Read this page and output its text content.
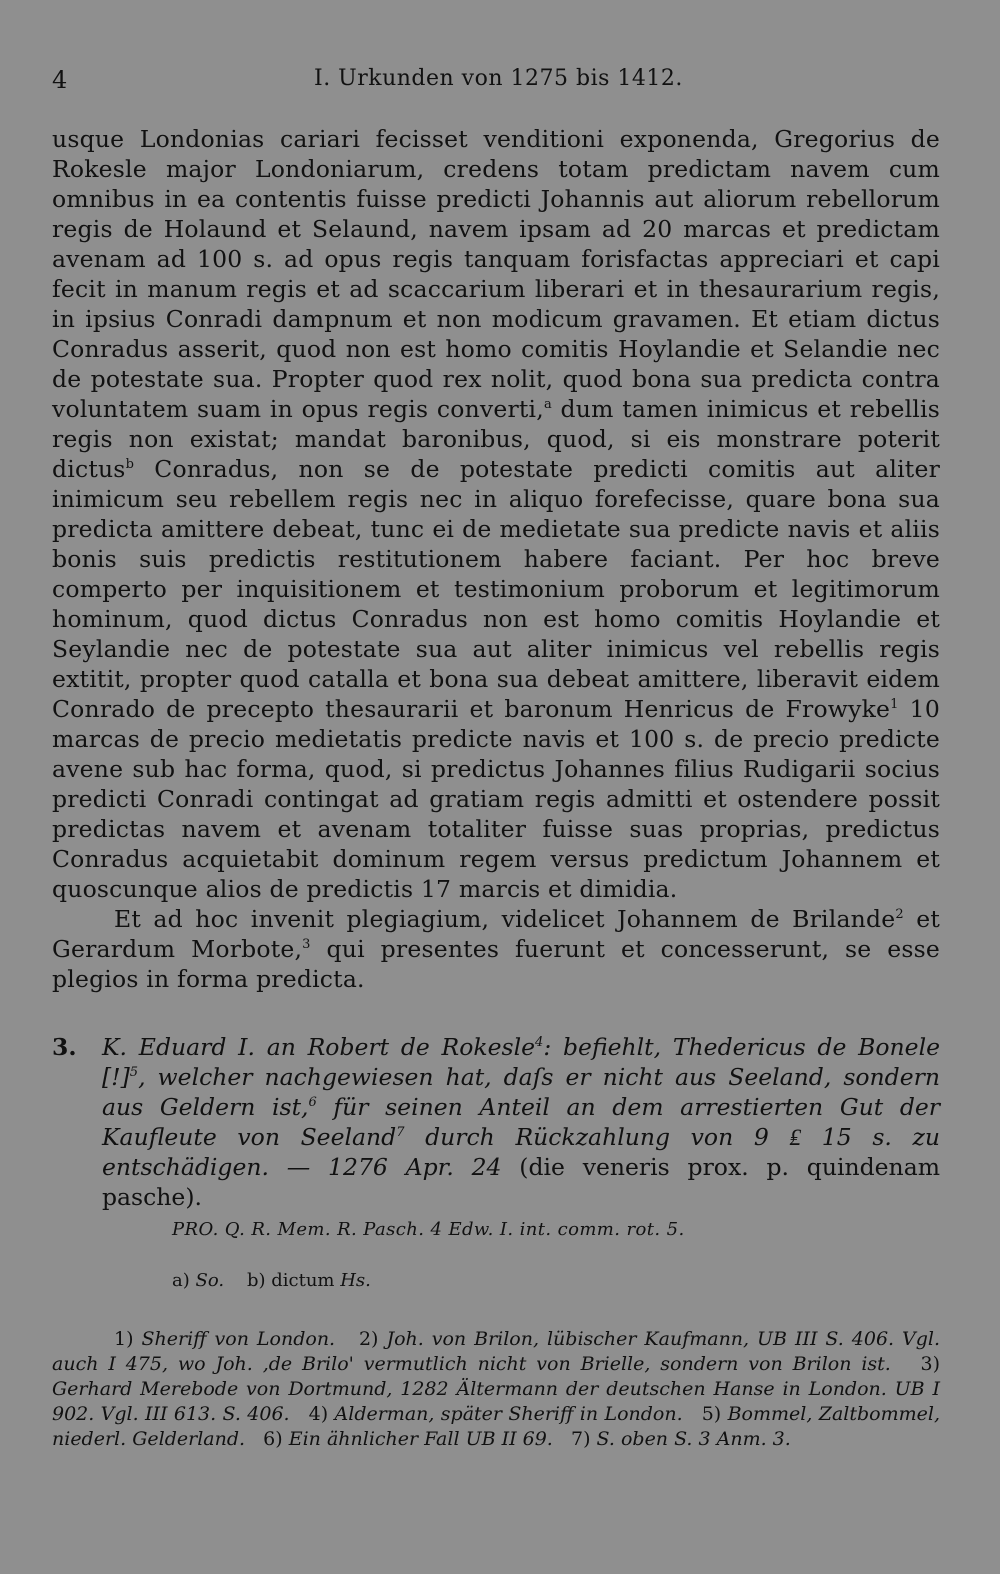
4	I. Urkunden von 1275 bis 1412.

usque Londonias cariari fecisset venditioni exponenda, Gregorius de Rokesle major Londoniarum, credens totam predictam navem cum omnibus in ea contentis fuisse predicti Johannis aut aliorum rebellorum regis de Holaund et Selaund, navem ipsam ad 20 marcas et predictam avenam ad 100 s. ad opus regis tanquam forisfactas appreciari et capi fecit in manum regis et ad scaccarium liberari et in thesaurarium regis, in ipsius Conradi dampnum et non modicum gravamen. Et etiam dictus Conradus asserit, quod non est homo comitis Hoylandie et Selandie nec de potestate sua. Propter quod rex nolit, quod bona sua predicta contra voluntatem suam in opus regis converti,$^a$ dum tamen inimicus et rebellis regis non existat; mandat baronibus, quod, si eis monstrare poterit dictus$^b$ Conradus, non se de potestate predicti comitis aut aliter inimicum seu rebellem regis nec in aliquo forefecisse, quare bona sua predicta amittere debeat, tunc ei de medietate sua predicte navis et aliis bonis suis predictis restitutionem habere faciant. Per hoc breve comperto per inquisitionem et testimonium proborum et legitimorum hominum, quod dictus Conradus non est homo comitis Hoylandie et Seylandie nec de potestate sua aut aliter inimicus vel rebellis regis extitit, propter quod catalla et bona sua debeat amittere, liberavit eidem Conrado de precepto thesaurarii et baronum Henricus de Frowyke$^1$ 10 marcas de precio medietatis predicte navis et 100 s. de precio predicte avene sub hac forma, quod, si predictus Johannes filius Rudigarii socius predicti Conradi contingat ad gratiam regis admitti et ostendere possit predictas navem et avenam totaliter fuisse suas proprias, predictus Conradus acquietabit dominum regem versus predictum Johannem et quoscunque alios de predictis 17 marcis et dimidia.

Et ad hoc invenit plegiagium, videlicet Johannem de Brilande$^2$ et Gerardum Morbote,$^3$ qui presentes fuerunt et concesserunt, se esse plegios in forma predicta.

3. K. Eduard I. an Robert de Rokesle$^4$: befiehlt, Thedericus de Bonele [!]$^5$, welcher nachgewiesen hat, daſs er nicht aus Seeland, sondern aus Geldern ist,$^6$ für seinen Anteil an dem arrestierten Gut der Kaufleute von Seeland$^7$ durch Rückzahlung von 9 ₤ 15 s. zu entschädigen. — 1276 Apr. 24 (die veneris prox. p. quindenam pasche).
PRO. Q. R. Mem. R. Pasch. 4 Edw. I. int. comm. rot. 5.
a) So. b) dictum Hs.
1) Sheriff von London. 2) Joh. von Brilon, lübischer Kaufmann, UB III S. 406. Vgl. auch I 475, wo Joh. ‚de Brilo' vermutlich nicht von Brielle, sondern von Brilon ist. 3) Gerhard Merebode von Dortmund, 1282 Ältermann der deutschen Hanse in London. UB I 902. Vgl. III 613. S. 406. 4) Alderman, später Sheriff in London. 5) Bommel, Zaltbommel, niederl. Gelderland. 6) Ein ähnlicher Fall UB II 69. 7) S. oben S. 3 Anm. 3.
